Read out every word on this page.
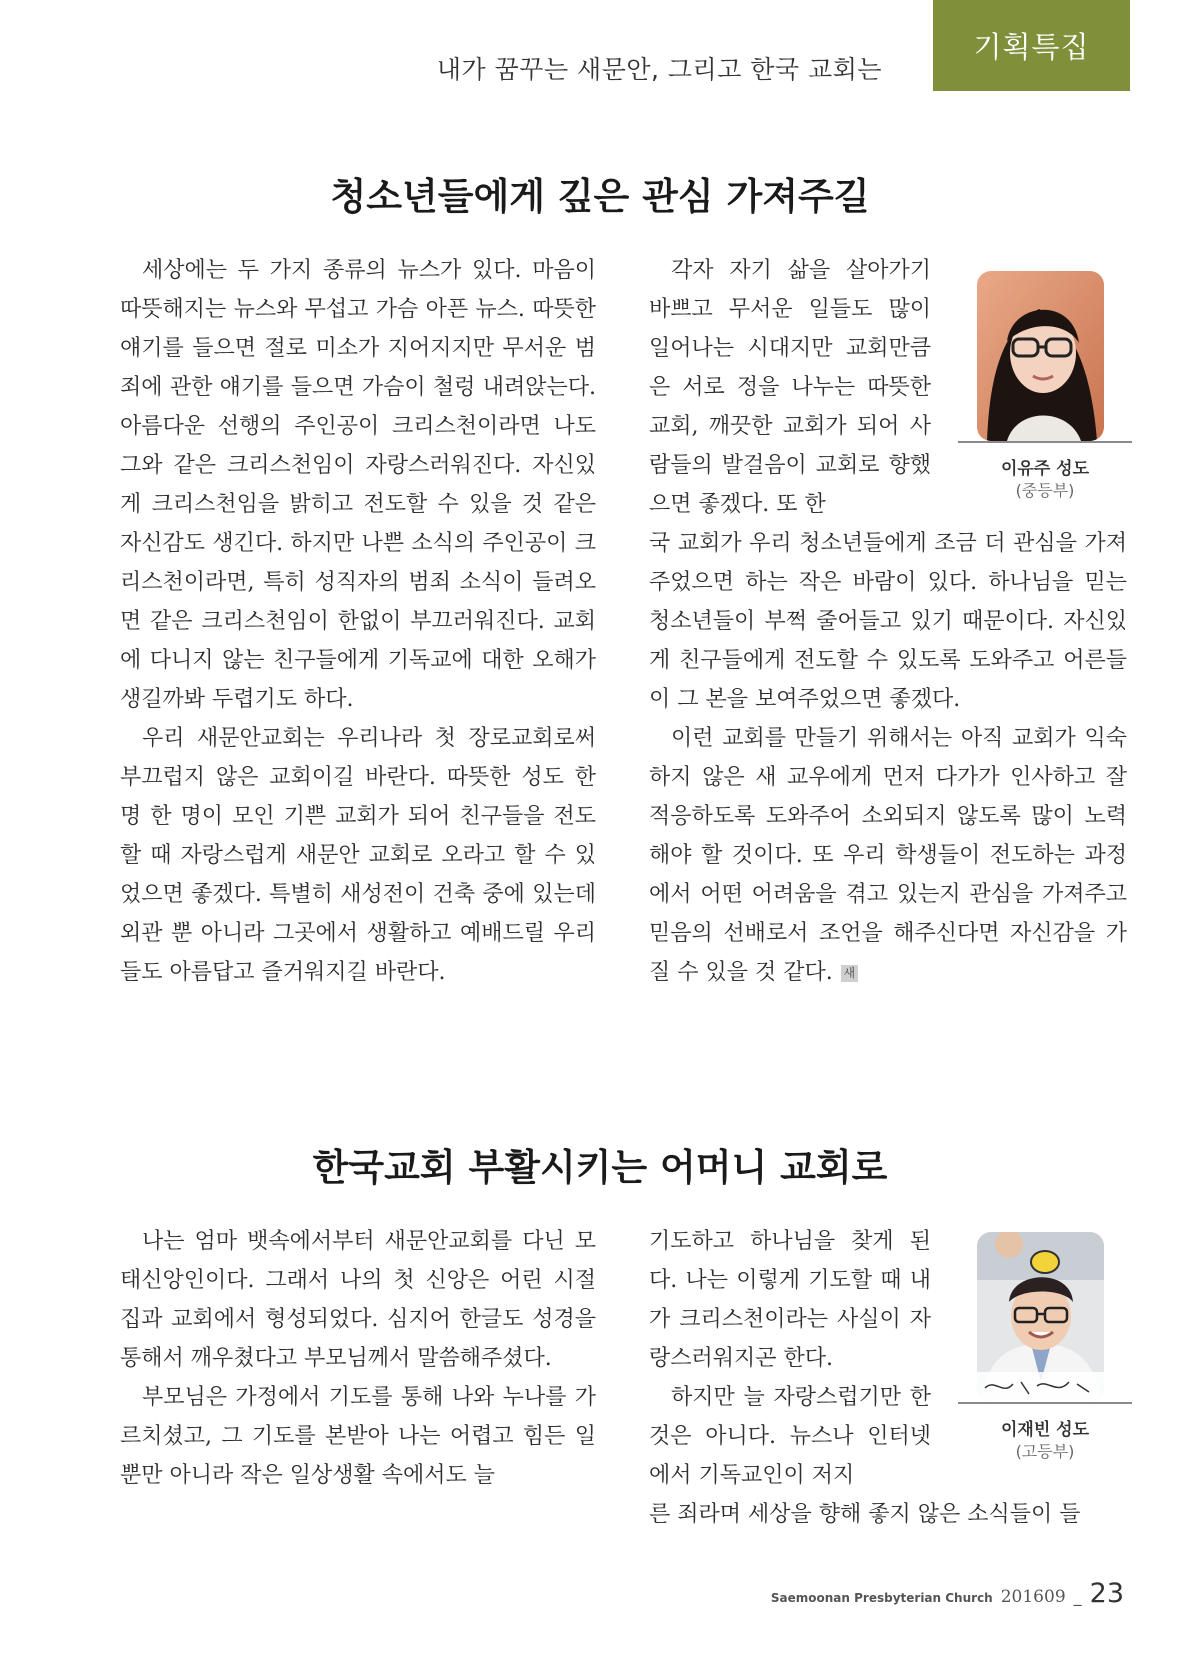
내가 꿈꾸는 새문안, 그리고 한국 교회는
기획특집
청소년들에게 깊은 관심 가져주길

세상에는 두 가지 종류의 뉴스가 있다. 마음이 따뜻해지는 뉴스와 무섭고 가슴 아픈 뉴스. 따뜻한 얘기를 들으면 절로 미소가 지어지지만 무서운 범죄에 관한 얘기를 들으면 가슴이 철렁 내려앉는다. 아름다운 선행의 주인공이 크리스천이라면 나도 그와 같은 크리스천임이 자랑스러워진다. 자신있게 크리스천임을 밝히고 전도할 수 있을 것 같은 자신감도 생긴다. 하지만 나쁜 소식의 주인공이 크리스천이라면, 특히 성직자의 범죄 소식이 들려오면 같은 크리스천임이 한없이 부끄러워진다. 교회에 다니지 않는 친구들에게 기독교에 대한 오해가 생길까봐 두렵기도 하다.

우리 새문안교회는 우리나라 첫 장로교회로써 부끄럽지 않은 교회이길 바란다. 따뜻한 성도 한 명 한 명이 모인 기쁜 교회가 되어 친구들을 전도할 때 자랑스럽게 새문안 교회로 오라고 할 수 있었으면 좋겠다. 특별히 새성전이 건축 중에 있는데 외관 뿐 아니라 그곳에서 생활하고 예배드릴 우리들도 아름답고 즐거워지길 바란다.

각자 자기 삶을 살아가기 바쁘고 무서운 일들도 많이 일어나는 시대지만 교회만큼은 서로 정을 나누는 따뜻한 교회, 깨끗한 교회가 되어 사람들의 발걸음이 교회로 향했으면 좋겠다. 또 한

국 교회가 우리 청소년들에게 조금 더 관심을 가져 주었으면 하는 작은 바람이 있다. 하나님을 믿는 청소년들이 부쩍 줄어들고 있기 때문이다. 자신있게 친구들에게 전도할 수 있도록 도와주고 어른들이 그 본을 보여주었으면 좋겠다.

이런 교회를 만들기 위해서는 아직 교회가 익숙하지 않은 새 교우에게 먼저 다가가 인사하고 잘 적응하도록 도와주어 소외되지 않도록 많이 노력해야 할 것이다. 또 우리 학생들이 전도하는 과정에서 어떤 어려움을 겪고 있는지 관심을 가져주고 믿음의 선배로서 조언을 해주신다면 자신감을 가질 수 있을 것 같다. 새

이유주 성도
(중등부)
한국교회 부활시키는 어머니 교회로

나는 엄마 뱃속에서부터 새문안교회를 다닌 모태신앙인이다. 그래서 나의 첫 신앙은 어린 시절 집과 교회에서 형성되었다. 심지어 한글도 성경을 통해서 깨우쳤다고 부모님께서 말씀해주셨다.

부모님은 가정에서 기도를 통해 나와 누나를 가르치셨고, 그 기도를 본받아 나는 어렵고 힘든 일뿐만 아니라 작은 일상생활 속에서도 늘

기도하고 하나님을 찾게 된다. 나는 이렇게 기도할 때 내가 크리스천이라는 사실이 자랑스러워지곤 한다.

하지만 늘 자랑스럽기만 한 것은 아니다. 뉴스나 인터넷에서 기독교인이 저지

른 죄라며 세상을 향해 좋지 않은 소식들이 들

이재빈 성도
(고등부)
Saemoonan Presbyterian Church 201609 _ 23
